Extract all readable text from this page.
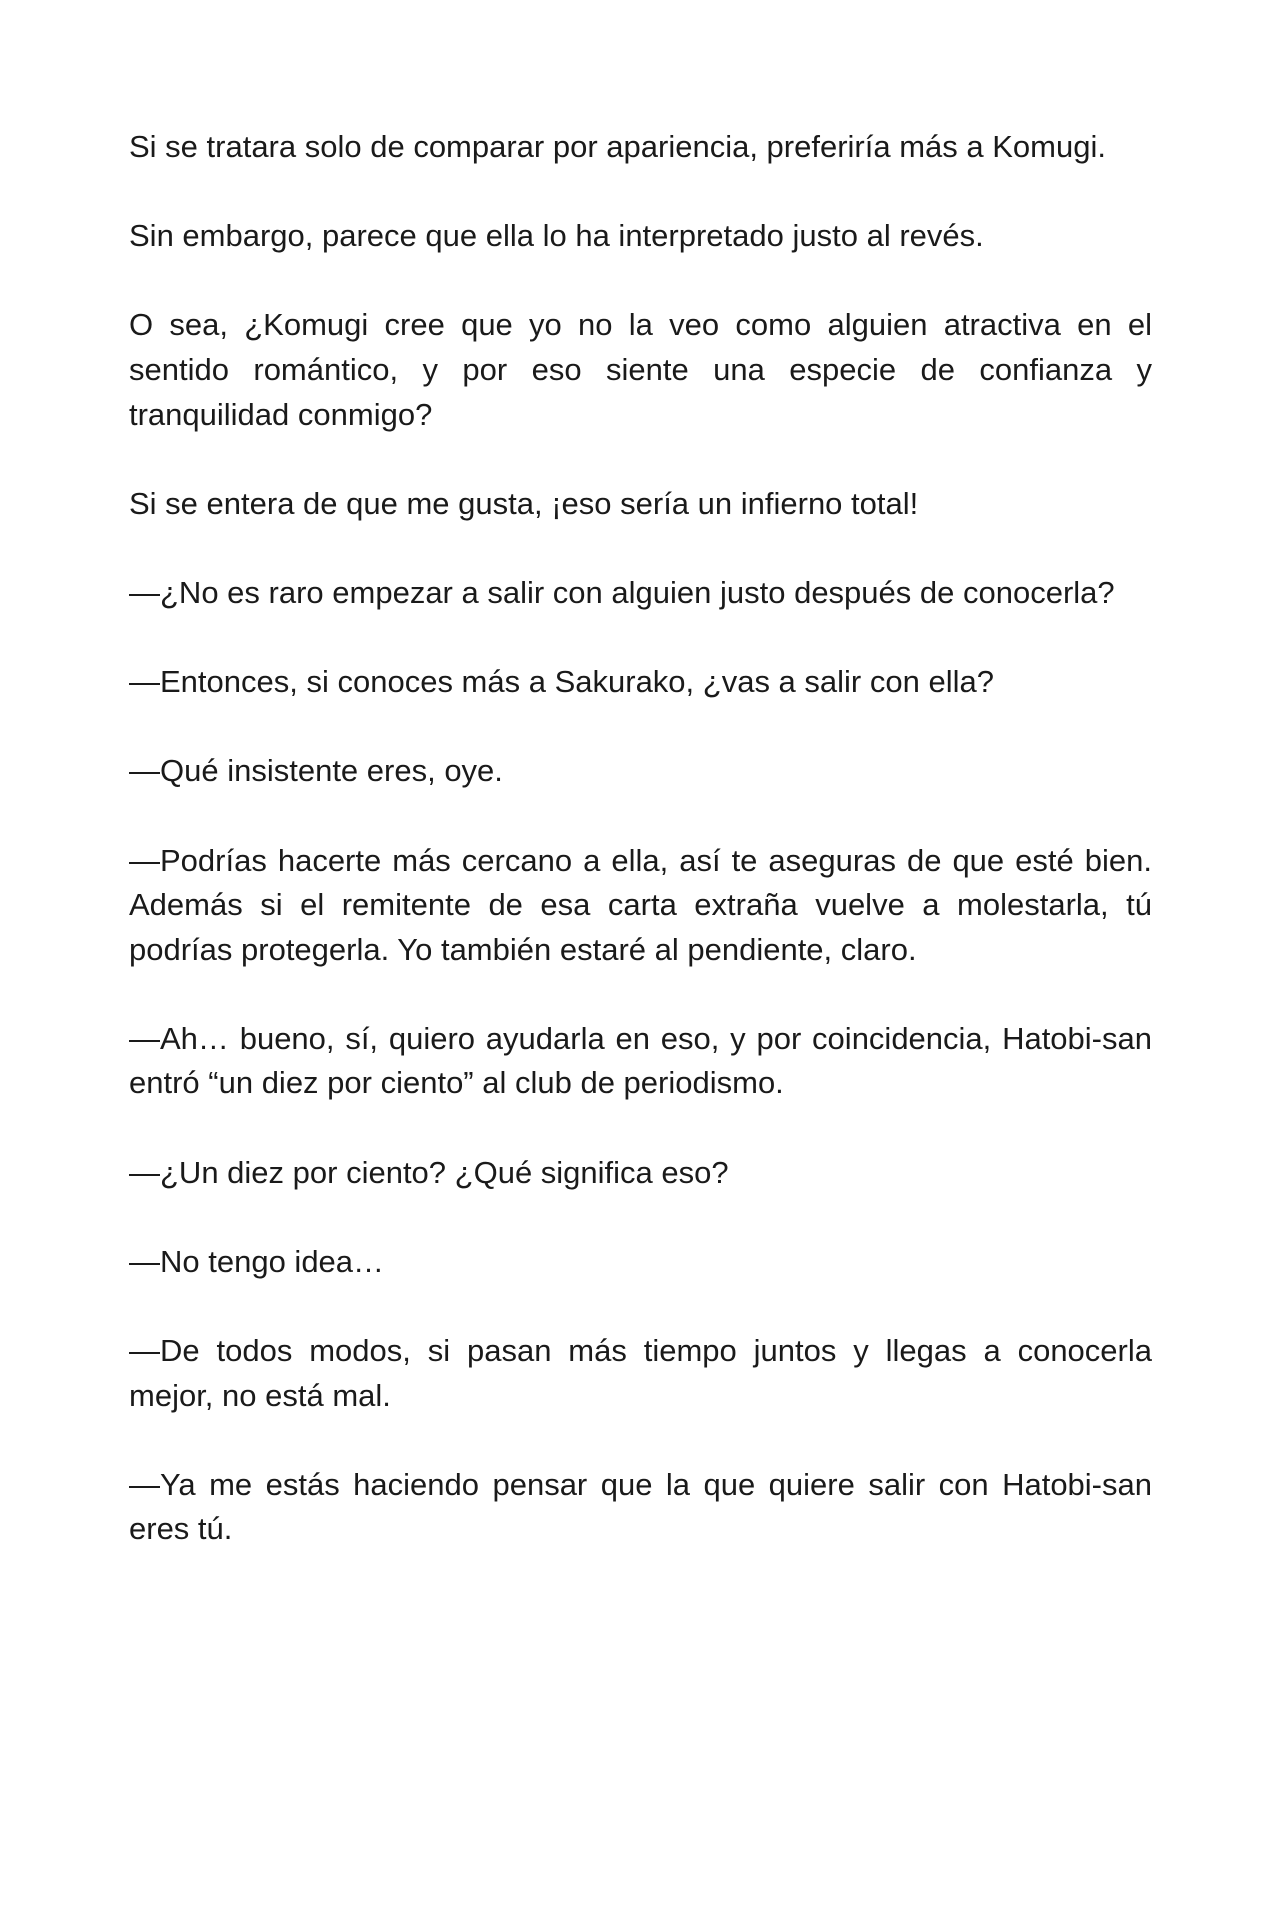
Si se tratara solo de comparar por apariencia, preferiría más a Komugi.

Sin embargo, parece que ella lo ha interpretado justo al revés.

O sea, ¿Komugi cree que yo no la veo como alguien atractiva en el sentido romántico, y por eso siente una especie de confianza y tranquilidad conmigo?

Si se entera de que me gusta, ¡eso sería un infierno total!

—¿No es raro empezar a salir con alguien justo después de conocerla?

—Entonces, si conoces más a Sakurako, ¿vas a salir con ella?

—Qué insistente eres, oye.

—Podrías hacerte más cercano a ella, así te aseguras de que esté bien. Además si el remitente de esa carta extraña vuelve a molestarla, tú podrías protegerla. Yo también estaré al pendiente, claro.

—Ah… bueno, sí, quiero ayudarla en eso, y por coincidencia, Hatobi-san entró “un diez por ciento” al club de periodismo.

—¿Un diez por ciento? ¿Qué significa eso?

—No tengo idea…

—De todos modos, si pasan más tiempo juntos y llegas a conocerla mejor, no está mal.

—Ya me estás haciendo pensar que la que quiere salir con Hatobi-san eres tú.
